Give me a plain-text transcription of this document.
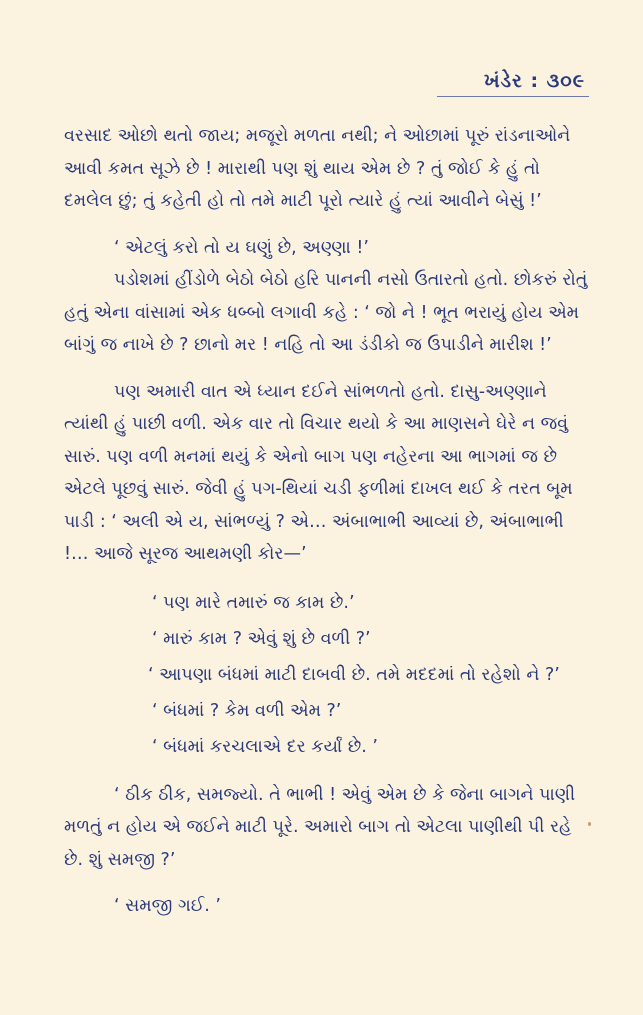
ખંડેર : ૩૦૯

વરસાદ ઓછો થતો જાય; મજૂરો મળતા નથી; ને ઓછામાં પૂરું રાંડનાઓને આવી કમત સૂઝે છે ! મારાથી પણ શું થાય એમ છે ? તું જોઈ કે હું તો દમલેલ છું; તું કહેતી હો તો તમે માટી પૂરો ત્યારે હું ત્યાં આવીને બેસું !’

‘ એટલું કરો તો ય ઘણું છે, અણ્ણા !’

પડોશમાં હીંડોળે બેઠો બેઠો હરિ પાનની નસો ઉતારતો હતો. છોકરું રોતું હતું એના વાંસામાં એક ધબ્બો લગાવી કહે : ‘ જો ને ! ભૂત ભરાયું હોય એમ બાંગું જ નાખે છે ? છાનો મર ! નહિ તો આ ડંડીકો જ ઉપાડીને મારીશ !’

પણ અમારી વાત એ ધ્યાન દઈને સાંભળતો હતો. દાસુ-અણ્ણાને ત્યાંથી હું પાછી વળી. એક વાર તો વિચાર થયો કે આ માણસને ઘેરે ન જવું સારું. પણ વળી મનમાં થયું કે એનો બાગ પણ નહેરના આ ભાગમાં જ છે એટલે પૂછવું સારું. જેવી હું પગ-થિયાં ચડી ફળીમાં દાખલ થઈ કે તરત બૂમ પાડી : ‘ અલી એ ય, સાંભળ્યું ? એ… અંબાભાભી આવ્યાં છે, અંબાભાભી !… આજે સૂરજ આથમણી કોર—’

‘ પણ મારે તમારું જ કામ છે.’

‘ મારું કામ ? એવું શું છે વળી ?’

‘ આપણા બંધમાં માટી દાબવી છે. તમે મદદમાં તો રહેશો ને ?’

‘ બંધમાં ? કેમ વળી એમ ?’

‘ બંધમાં કરચલાએ દર કર્યાં છે. ’

‘ ઠીક ઠીક, સમજ્યો. તે ભાભી ! એવું એમ છે કે જેના બાગને પાણી મળતું ન હોય એ જઈને માટી પૂરે. અમારો બાગ તો એટલા પાણીથી પી રહે છે. શું સમજી ?’

‘ સમજી ગઈ. ’
